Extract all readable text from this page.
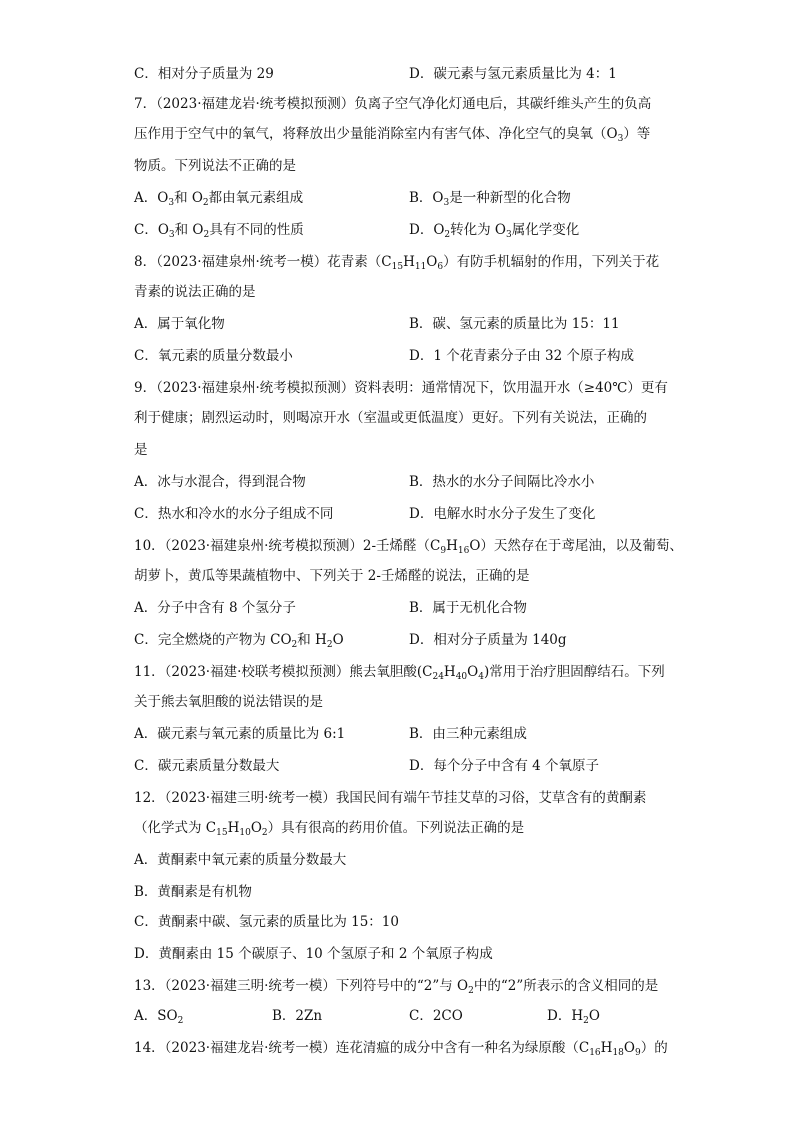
C．相对分子质量为 29	D．碳元素与氢元素质量比为 4：1
7．（2023·福建龙岩·统考模拟预测）负离子空气净化灯通电后，其碳纤维头产生的负高
压作用于空气中的氧气，将释放出少量能消除室内有害气体、净化空气的臭氧$(O_3)$等
物质。下列说法不正确的是
A．$O_3$和 $O_2$都由氧元素组成	B．$O_3$是一种新型的化合物
C．$O_3$和 $O_2$具有不同的性质	D．$O_2$转化为 $O_3$属化学变化
8．（2023·福建泉州·统考一模）花青素$(C_{15}H_{11}O_6)$有防手机辐射的作用，下列关于花
青素的说法正确的是
A．属于氧化物	B．碳、氢元素的质量比为 15：11
C．氧元素的质量分数最小	D．1 个花青素分子由 32 个原子构成
9．（2023·福建泉州·统考模拟预测）资料表明：通常情况下，饮用温开水（≥40℃）更有
利于健康；剧烈运动时，则喝凉开水（室温或更低温度）更好。下列有关说法，正确的
是
A．冰与水混合，得到混合物	B．热水的水分子间隔比冷水小
C．热水和冷水的水分子组成不同	D．电解水时水分子发生了变化
10．（2023·福建泉州·统考模拟预测）2-壬烯醛$(C_9H_{16}O)$天然存在于鸢尾油，以及葡萄、
胡萝卜，黄瓜等果蔬植物中、下列关于 2-壬烯醛的说法，正确的是
A．分子中含有 8 个氢分子	B．属于无机化合物
C．完全燃烧的产物为 $CO_2$和 $H_2O$	D．相对分子质量为 140g
11．（2023·福建·校联考模拟预测）熊去氧胆酸$(C_{24}H_{40}O_4)$常用于治疗胆固醇结石。下列
关于熊去氧胆酸的说法错误的是
A．碳元素与氧元素的质量比为 6:1	B．由三种元素组成
C．碳元素质量分数最大	D．每个分子中含有 4 个氧原子
12．（2023·福建三明·统考一模）我国民间有端午节挂艾草的习俗，艾草含有的黄酮素
（化学式为 $C_{15}H_{10}O_2$）具有很高的药用价值。下列说法正确的是
A．黄酮素中氧元素的质量分数最大
B．黄酮素是有机物
C．黄酮素中碳、氢元素的质量比为 15：10
D．黄酮素由 15 个碳原子、10 个氢原子和 2 个氧原子构成
13．（2023·福建三明·统考一模）下列符号中的“2”与 $O_2$中的“2”所表示的含义相同的是
A．$SO_2$	B．2Zn	C．2CO	D．$H_2O$
14．（2023·福建龙岩·统考一模）连花清瘟的成分中含有一种名为绿原酸$(C_{16}H_{18}O_9)$的
